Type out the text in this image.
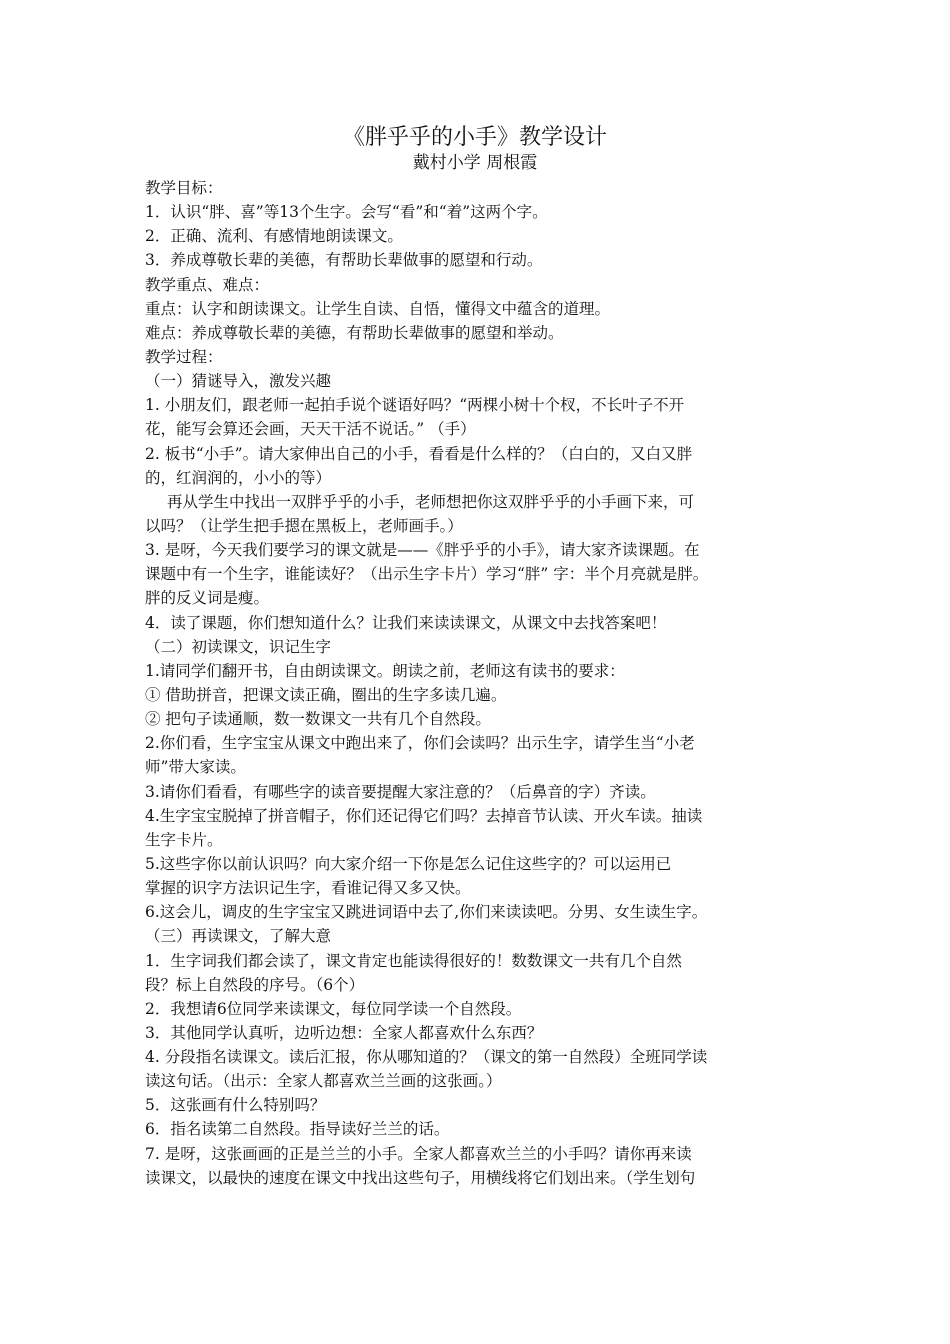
《胖乎乎的小手》教学设计
戴村小学 周根霞
教学目标：
1．认识“胖、喜”等13个生字。会写“看”和“着”这两个字。
2．正确、流利、有感情地朗读课文。
3．养成尊敬长辈的美德，有帮助长辈做事的愿望和行动。
教学重点、难点：
重点：认字和朗读课文。让学生自读、自悟，懂得文中蕴含的道理。
难点：养成尊敬长辈的美德，有帮助长辈做事的愿望和举动。
教学过程：
（一）猜谜导入，激发兴趣
1. 小朋友们，跟老师一起拍手说个谜语好吗？“两棵小树十个杈，不长叶子不开
花，能写会算还会画，天天干活不说话。” （手）
2. 板书“小手”。请大家伸出自己的小手，看看是什么样的？（白白的，又白又胖
的，红润润的，小小的等）
再从学生中找出一双胖乎乎的小手，老师想把你这双胖乎乎的小手画下来，可
以吗？（让学生把手摁在黑板上，老师画手。）
3. 是呀，今天我们要学习的课文就是——《胖乎乎的小手》，请大家齐读课题。在
课题中有一个生字，谁能读好？（出示生字卡片）学习“胖” 字：半个月亮就是胖。
胖的反义词是瘦。
4．读了课题，你们想知道什么？让我们来读读课文，从课文中去找答案吧！
（二）初读课文，识记生字
1.请同学们翻开书，自由朗读课文。朗读之前，老师这有读书的要求：
① 借助拼音，把课文读正确，圈出的生字多读几遍。
② 把句子读通顺，数一数课文一共有几个自然段。
2.你们看，生字宝宝从课文中跑出来了，你们会读吗？出示生字，请学生当“小老
师”带大家读。
3.请你们看看，有哪些字的读音要提醒大家注意的？（后鼻音的字）齐读。
4.生字宝宝脱掉了拼音帽子，你们还记得它们吗？去掉音节认读、开火车读。抽读
生字卡片。
5.这些字你以前认识吗？向大家介绍一下你是怎么记住这些字的？可以运用已
掌握的识字方法识记生字，看谁记得又多又快。
6.这会儿，调皮的生字宝宝又跳进词语中去了,你们来读读吧。分男、女生读生字。
（三）再读课文，了解大意
1．生字词我们都会读了，课文肯定也能读得很好的！数数课文一共有几个自然
段？标上自然段的序号。（6个）
2．我想请6位同学来读课文，每位同学读一个自然段。
3．其他同学认真听，边听边想：全家人都喜欢什么东西？
4. 分段指名读课文。读后汇报，你从哪知道的？（课文的第一自然段）全班同学读
读这句话。（出示：全家人都喜欢兰兰画的这张画。）
5．这张画有什么特别吗？
6．指名读第二自然段。指导读好兰兰的话。
7. 是呀，这张画画的正是兰兰的小手。全家人都喜欢兰兰的小手吗？请你再来读
读课文，以最快的速度在课文中找出这些句子，用横线将它们划出来。（学生划句
